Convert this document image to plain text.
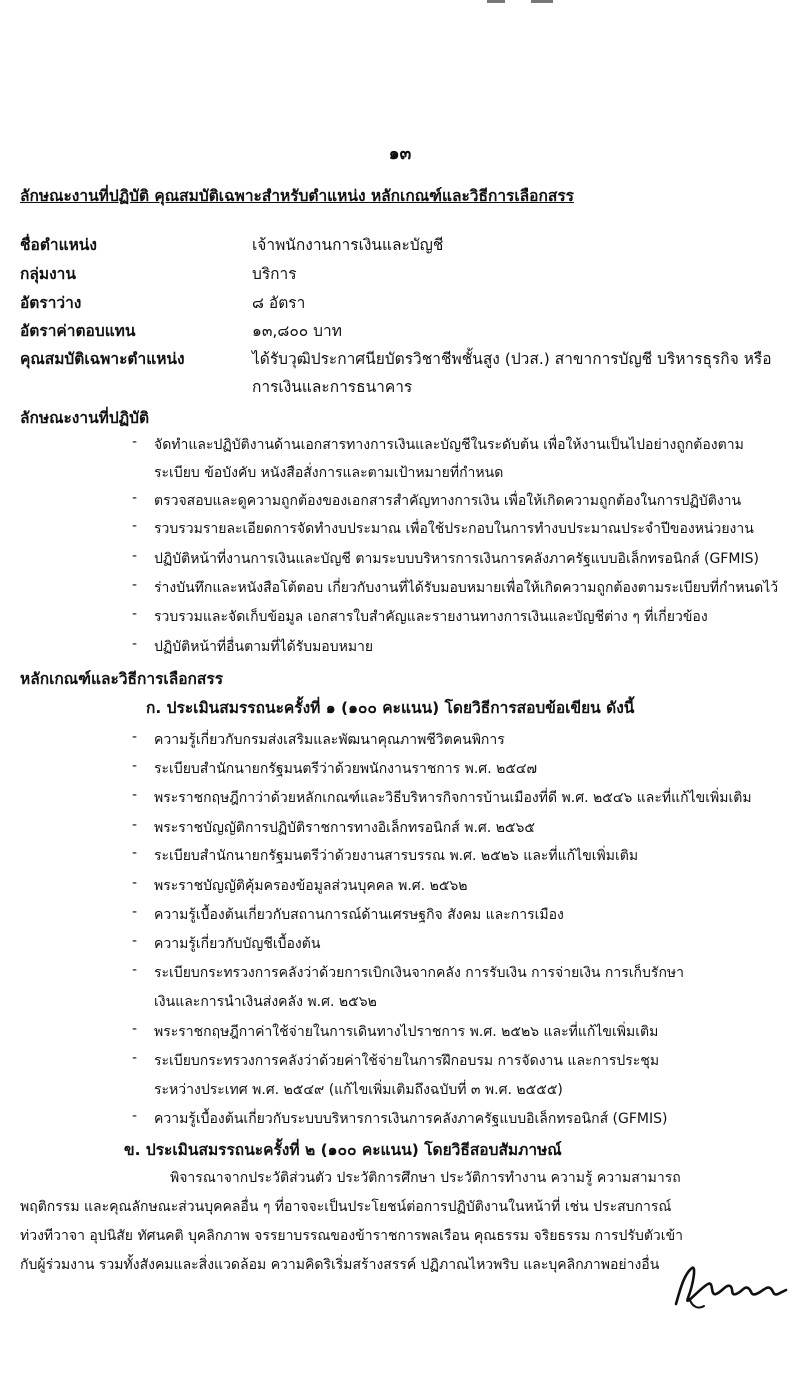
๑๓
ลักษณะงานที่ปฏิบัติ คุณสมบัติเฉพาะสำหรับตำแหน่ง หลักเกณฑ์และวิธีการเลือกสรร
ชื่อตำแหน่ง	เจ้าพนักงานการเงินและบัญชี
กลุ่มงาน	บริการ
อัตราว่าง	๘ อัตรา
อัตราค่าตอบแทน	๑๓,๘๐๐ บาท
คุณสมบัติเฉพาะตำแหน่ง	ได้รับวุฒิประกาศนียบัตรวิชาชีพชั้นสูง (ปวส.) สาขาการบัญชี บริหารธุรกิจ หรือ
การเงินและการธนาคาร
ลักษณะงานที่ปฏิบัติ
- จัดทำและปฏิบัติงานด้านเอกสารทางการเงินและบัญชีในระดับต้น เพื่อให้งานเป็นไปอย่างถูกต้องตาม
ระเบียบ ข้อบังคับ หนังสือสั่งการและตามเป้าหมายที่กำหนด
- ตรวจสอบและดูความถูกต้องของเอกสารสำคัญทางการเงิน เพื่อให้เกิดความถูกต้องในการปฏิบัติงาน
- รวบรวมรายละเอียดการจัดทำงบประมาณ เพื่อใช้ประกอบในการทำงบประมาณประจำปีของหน่วยงาน
- ปฏิบัติหน้าที่งานการเงินและบัญชี ตามระบบบริหารการเงินการคลังภาครัฐแบบอิเล็กทรอนิกส์ (GFMIS)
- ร่างบันทึกและหนังสือโต้ตอบ เกี่ยวกับงานที่ได้รับมอบหมายเพื่อให้เกิดความถูกต้องตามระเบียบที่กำหนดไว้
- รวบรวมและจัดเก็บข้อมูล เอกสารใบสำคัญและรายงานทางการเงินและบัญชีต่าง ๆ ที่เกี่ยวข้อง
- ปฏิบัติหน้าที่อื่นตามที่ได้รับมอบหมาย
หลักเกณฑ์และวิธีการเลือกสรร
ก. ประเมินสมรรถนะครั้งที่ ๑ (๑๐๐ คะแนน) โดยวิธีการสอบข้อเขียน ดังนี้
- ความรู้เกี่ยวกับกรมส่งเสริมและพัฒนาคุณภาพชีวิตคนพิการ
- ระเบียบสำนักนายกรัฐมนตรีว่าด้วยพนักงานราชการ พ.ศ. ๒๕๔๗
- พระราชกฤษฎีกาว่าด้วยหลักเกณฑ์และวิธีบริหารกิจการบ้านเมืองที่ดี พ.ศ. ๒๕๔๖ และที่แก้ไขเพิ่มเติม
- พระราชบัญญัติการปฏิบัติราชการทางอิเล็กทรอนิกส์ พ.ศ. ๒๕๖๕
- ระเบียบสำนักนายกรัฐมนตรีว่าด้วยงานสารบรรณ พ.ศ. ๒๕๒๖ และที่แก้ไขเพิ่มเติม
- พระราชบัญญัติคุ้มครองข้อมูลส่วนบุคคล พ.ศ. ๒๕๖๒
- ความรู้เบื้องต้นเกี่ยวกับสถานการณ์ด้านเศรษฐกิจ สังคม และการเมือง
- ความรู้เกี่ยวกับบัญชีเบื้องต้น
- ระเบียบกระทรวงการคลังว่าด้วยการเบิกเงินจากคลัง การรับเงิน การจ่ายเงิน การเก็บรักษา
เงินและการนำเงินส่งคลัง พ.ศ. ๒๕๖๒
- พระราชกฤษฎีกาค่าใช้จ่ายในการเดินทางไปราชการ พ.ศ. ๒๕๒๖ และที่แก้ไขเพิ่มเติม
- ระเบียบกระทรวงการคลังว่าด้วยค่าใช้จ่ายในการฝึกอบรม การจัดงาน และการประชุม
ระหว่างประเทศ พ.ศ. ๒๕๔๙ (แก้ไขเพิ่มเติมถึงฉบับที่ ๓ พ.ศ. ๒๕๕๕)
- ความรู้เบื้องต้นเกี่ยวกับระบบบริหารการเงินการคลังภาครัฐแบบอิเล็กทรอนิกส์ (GFMIS)
ข. ประเมินสมรรถนะครั้งที่ ๒ (๑๐๐ คะแนน) โดยวิธีสอบสัมภาษณ์
พิจารณาจากประวัติส่วนตัว ประวัติการศึกษา ประวัติการทำงาน ความรู้ ความสามารถ
พฤติกรรม และคุณลักษณะส่วนบุคคลอื่น ๆ ที่อาจจะเป็นประโยชน์ต่อการปฏิบัติงานในหน้าที่ เช่น ประสบการณ์
ท่วงทีวาจา อุปนิสัย ทัศนคติ บุคลิกภาพ จรรยาบรรณของข้าราชการพลเรือน คุณธรรม จริยธรรม การปรับตัวเข้า
กับผู้ร่วมงาน รวมทั้งสังคมและสิ่งแวดล้อม ความคิดริเริ่มสร้างสรรค์ ปฏิภาณไหวพริบ และบุคลิกภาพอย่างอื่น
